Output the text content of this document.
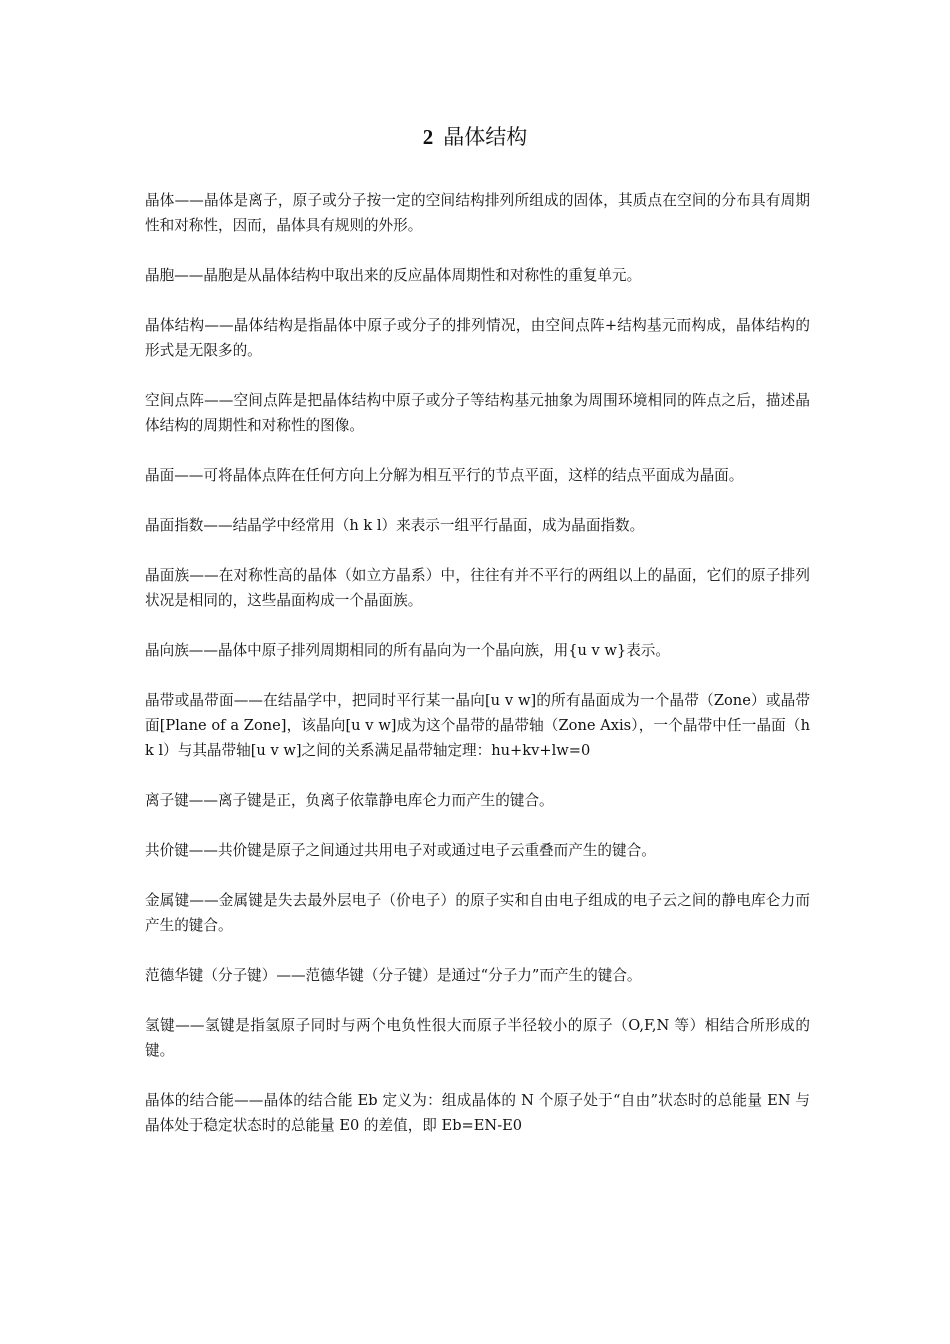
2 晶体结构

晶体——晶体是离子，原子或分子按一定的空间结构排列所组成的固体，其质点在空间的分布具有周期性和对称性，因而，晶体具有规则的外形。

晶胞——晶胞是从晶体结构中取出来的反应晶体周期性和对称性的重复单元。

晶体结构——晶体结构是指晶体中原子或分子的排列情况，由空间点阵+结构基元而构成，晶体结构的形式是无限多的。

空间点阵——空间点阵是把晶体结构中原子或分子等结构基元抽象为周围环境相同的阵点之后，描述晶体结构的周期性和对称性的图像。

晶面——可将晶体点阵在任何方向上分解为相互平行的节点平面，这样的结点平面成为晶面。

晶面指数——结晶学中经常用（h k l）来表示一组平行晶面，成为晶面指数。

晶面族——在对称性高的晶体（如立方晶系）中，往往有并不平行的两组以上的晶面，它们的原子排列状况是相同的，这些晶面构成一个晶面族。

晶向族——晶体中原子排列周期相同的所有晶向为一个晶向族，用{u v w}表示。

晶带或晶带面——在结晶学中，把同时平行某一晶向[u v w]的所有晶面成为一个晶带（Zone）或晶带面[Plane of a Zone]，该晶向[u v w]成为这个晶带的晶带轴（Zone Axis），一个晶带中任一晶面（h k l）与其晶带轴[u v w]之间的关系满足晶带轴定理：hu+kv+lw=0

离子键——离子键是正，负离子依靠静电库仑力而产生的键合。

共价键——共价键是原子之间通过共用电子对或通过电子云重叠而产生的键合。

金属键——金属键是失去最外层电子（价电子）的原子实和自由电子组成的电子云之间的静电库仑力而产生的键合。

范德华键（分子键）——范德华键（分子键）是通过“分子力”而产生的键合。

氢键——氢键是指氢原子同时与两个电负性很大而原子半径较小的原子（O,F,N 等）相结合所形成的键。

晶体的结合能——晶体的结合能 Eb 定义为：组成晶体的 N 个原子处于“自由”状态时的总能量 EN 与晶体处于稳定状态时的总能量 E0 的差值，即 Eb=EN-E0
